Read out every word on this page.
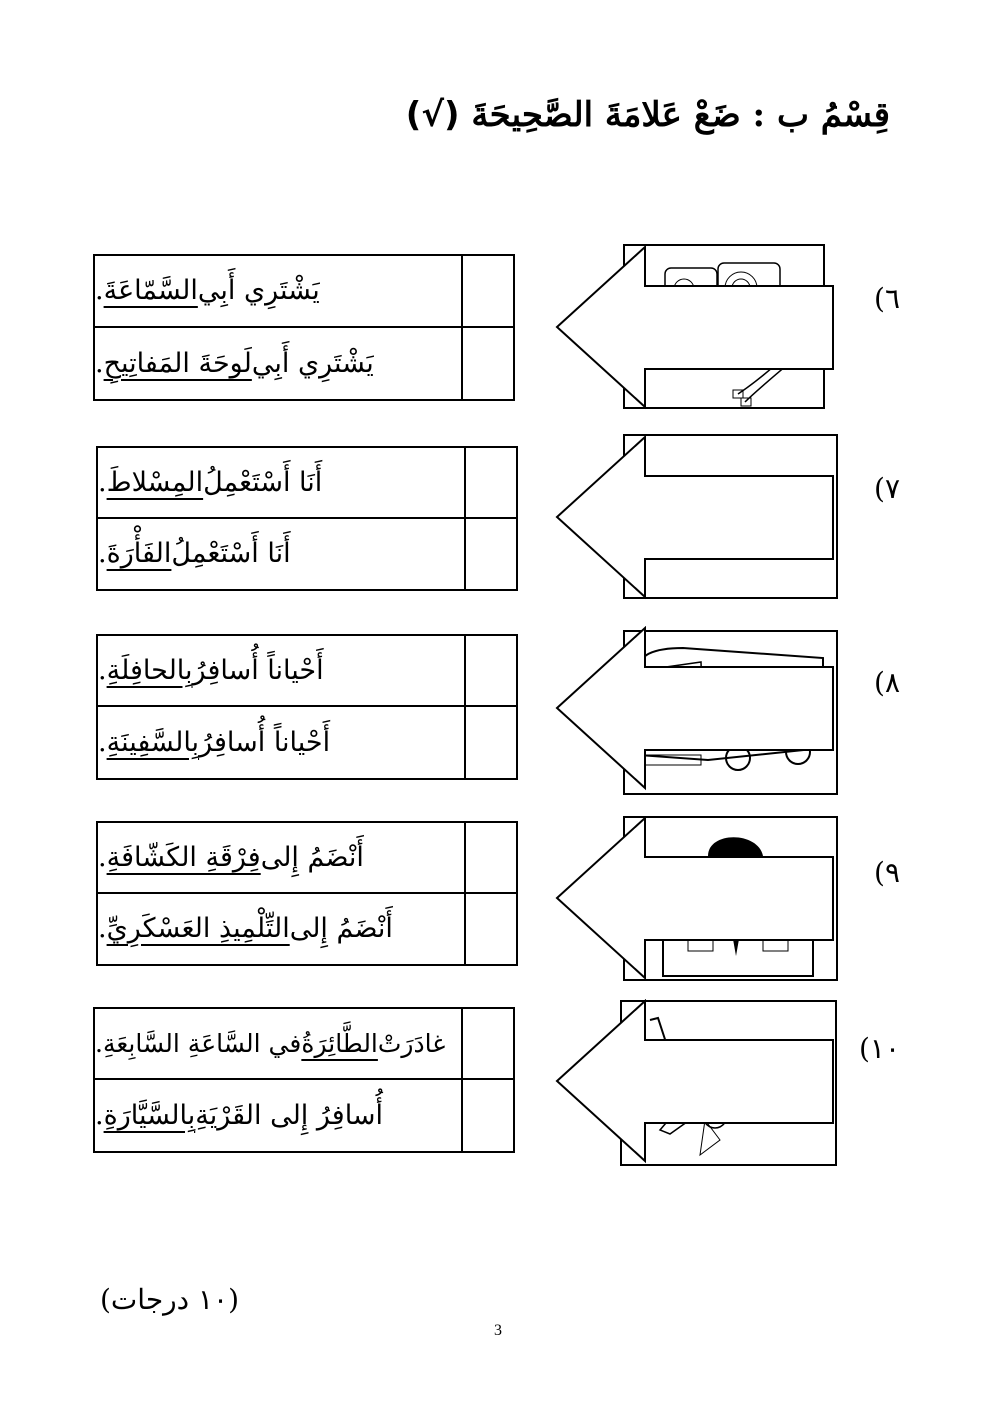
قِسْمُ ب : ضَعْ عَلامَةَ الصَّحِيحَةَ (√)
٦)
يَشْتَرِي أَبِي
السَّمّاعَةَ
.
يَشْتَرِي أَبِي
لَوحَةَ المَفاتِيحِ
.
٧)
أَنَا أَسْتَعْمِلُ
المِسْلاطَ
.
أَنَا أَسْتَعْمِلُ
الفَأْرَةَ
.
٨)
أَحْياناً أُسافِرُ
بِالحافِلَةِ
.
أَحْياناً أُسافِرُ
بِالسَّفِينَةِ
.
٩)
أَنْضَمُ إِلى
فِرْقَةِ الكَشّافَةِ
.
أَنْضَمُ إِلى
التِّلْمِيذِ العَسْكَرِيِّ
.
١٠)
غادَرَتْ
الطَّائِرَةُ
في السَّاعَةِ السَّابِعَةِ.
أُسافِرُ إِلى القَرْيَةِ
بِالسَّيَّارَةِ
.
(١٠ درجات)
3
